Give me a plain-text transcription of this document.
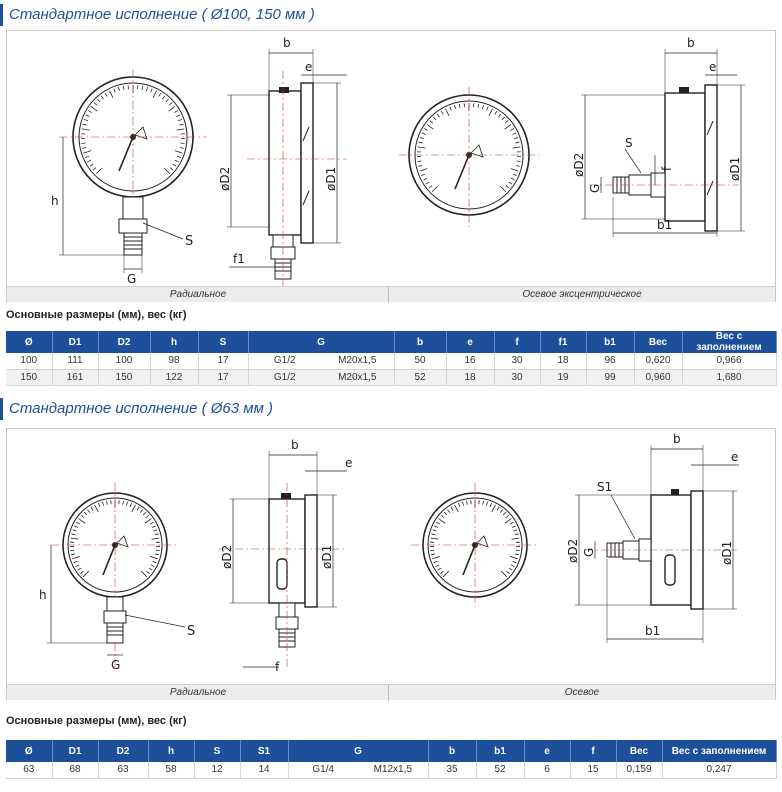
Стандартное исполнение ( Ø100, 150 мм )
h
S
G
b
e
øD2	øD1
f1
b
e
øD2	øD1
G
S
f
b1
Радиальное	Осевое эксцентрическое
Основные размеры (мм), вес (кг)
Ø	D1	D2	h	S	G	b	e	f	f1	b1	Вес	Вес с заполнением
100	111	100	98	17	G1/2 M20x1,5	50	16	30	18	96	0,620	0,966
150	161	150	122	17	G1/2 M20x1,5	52	18	30	19	99	0,960	1,680
Стандартное исполнение ( Ø63 мм )
h
S
G
b
e
øD2	øD1
f
b
e
øD2	øD1
G
S1
b1
Радиальное	Осевое
Основные размеры (мм), вес (кг)
Ø	D1	D2	h	S	S1	G	b	b1	e	f	Вес	Вес с заполнением
63	68	63	58	12	14	G1/4 M12x1,5	35	52	6	15	0,159	0,247
